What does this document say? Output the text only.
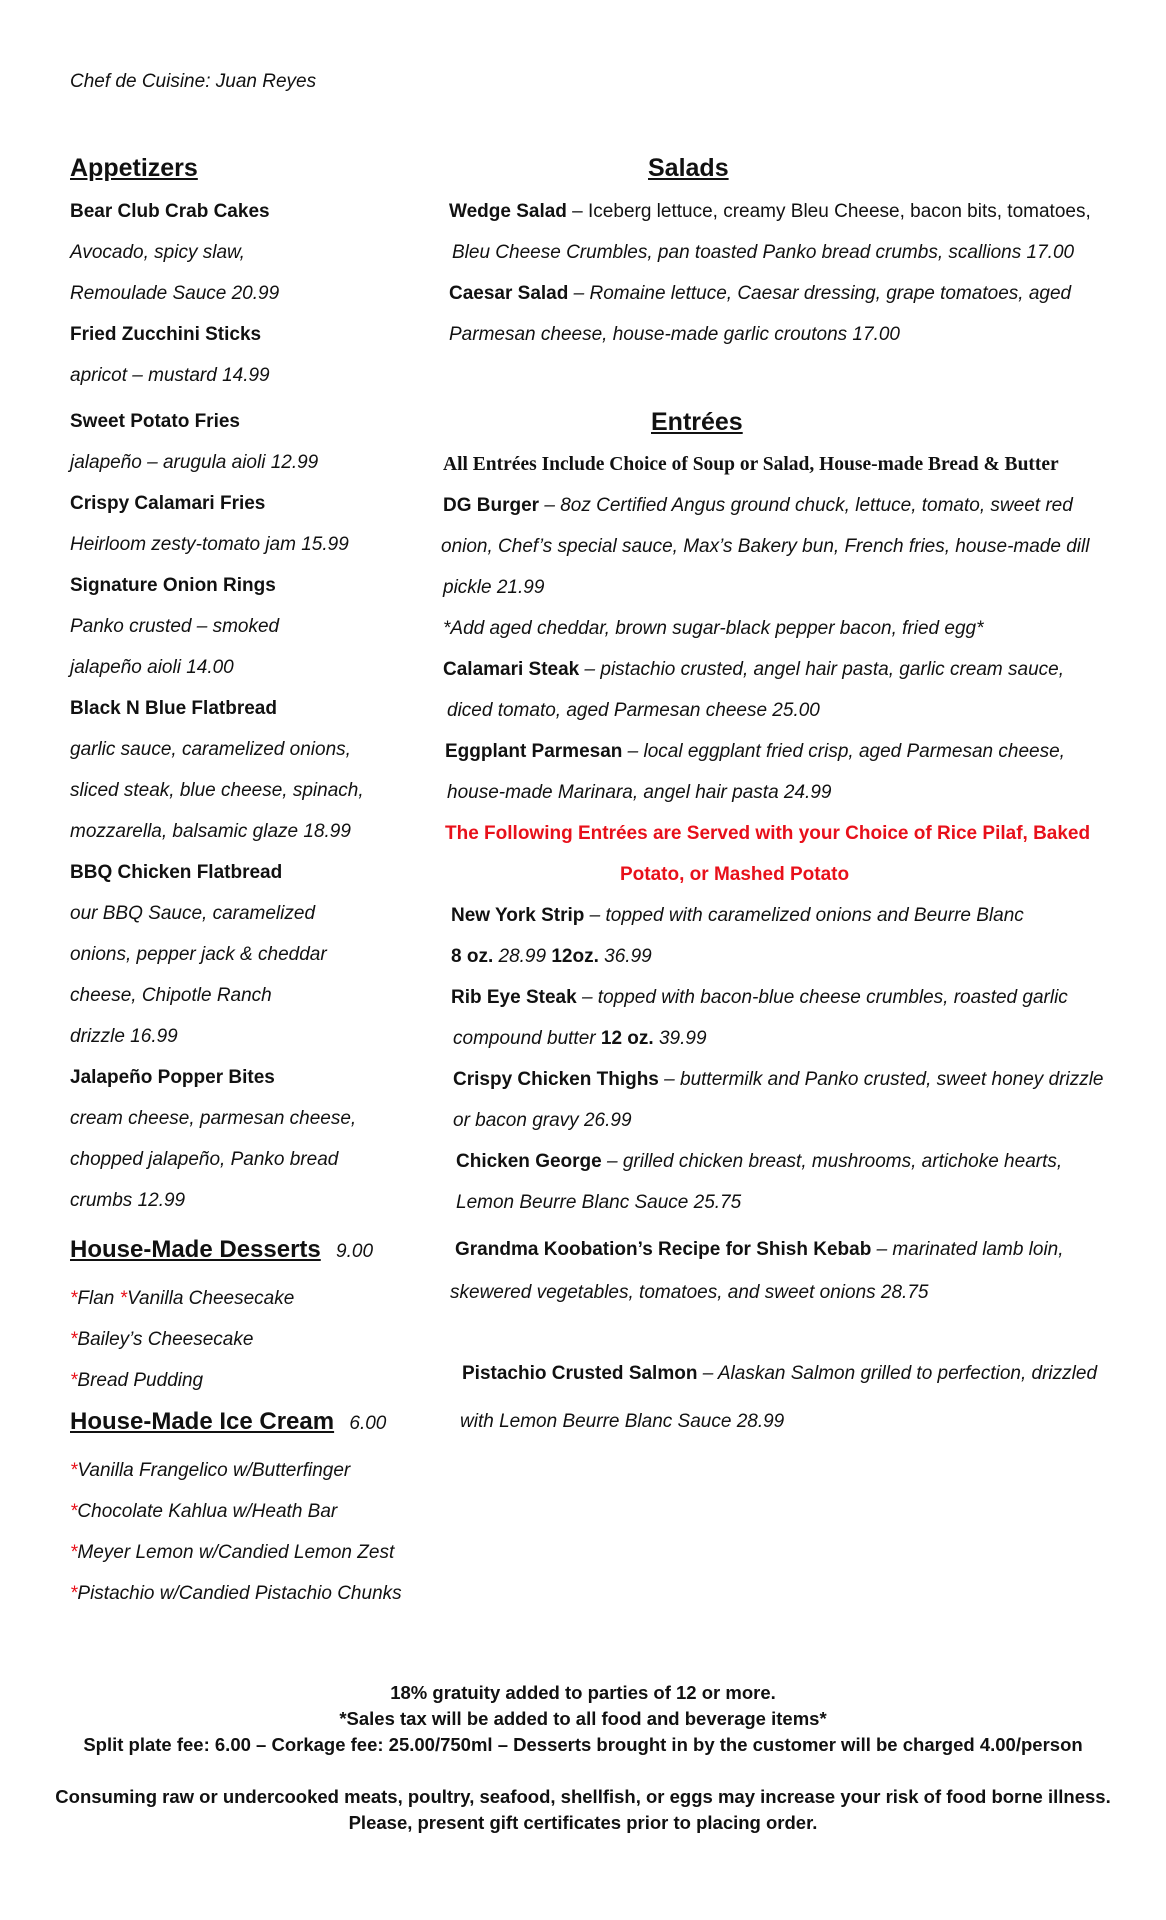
Chef de Cuisine: Juan Reyes
Appetizers
Bear Club Crab Cakes
Avocado, spicy slaw,
Remoulade Sauce 20.99
Fried Zucchini Sticks
apricot – mustard 14.99
Sweet Potato Fries
jalapeño – arugula aioli 12.99
Crispy Calamari Fries
Heirloom zesty-tomato jam 15.99
Signature Onion Rings
Panko crusted – smoked
jalapeño aioli 14.00
Black N Blue Flatbread
garlic sauce, caramelized onions,
sliced steak, blue cheese, spinach,
mozzarella, balsamic glaze 18.99
BBQ Chicken Flatbread
our BBQ Sauce, caramelized
onions, pepper jack & cheddar
cheese, Chipotle Ranch
drizzle 16.99
Jalapeño Popper Bites
cream cheese, parmesan cheese,
chopped jalapeño, Panko bread
crumbs 12.99
House-Made Desserts 9.00
*Flan *Vanilla Cheesecake
*Bailey’s Cheesecake
*Bread Pudding
House-Made Ice Cream 6.00
*Vanilla Frangelico w/Butterfinger
*Chocolate Kahlua w/Heath Bar
*Meyer Lemon w/Candied Lemon Zest
*Pistachio w/Candied Pistachio Chunks
Salads
Wedge Salad – Iceberg lettuce, creamy Bleu Cheese, bacon bits, tomatoes,
Bleu Cheese Crumbles, pan toasted Panko bread crumbs, scallions 17.00
Caesar Salad – Romaine lettuce, Caesar dressing, grape tomatoes, aged
Parmesan cheese, house-made garlic croutons 17.00
Entrées
All Entrées Include Choice of Soup or Salad, House-made Bread & Butter
DG Burger – 8oz Certified Angus ground chuck, lettuce, tomato, sweet red
onion, Chef’s special sauce, Max’s Bakery bun, French fries, house-made dill
pickle 21.99
*Add aged cheddar, brown sugar-black pepper bacon, fried egg*
Calamari Steak – pistachio crusted, angel hair pasta, garlic cream sauce,
diced tomato, aged Parmesan cheese 25.00
Eggplant Parmesan – local eggplant fried crisp, aged Parmesan cheese,
house-made Marinara, angel hair pasta 24.99
The Following Entrées are Served with your Choice of Rice Pilaf, Baked
Potato, or Mashed Potato
New York Strip – topped with caramelized onions and Beurre Blanc
8 oz. 28.99 12oz. 36.99
Rib Eye Steak – topped with bacon-blue cheese crumbles, roasted garlic
compound butter 12 oz. 39.99
Crispy Chicken Thighs – buttermilk and Panko crusted, sweet honey drizzle
or bacon gravy 26.99
Chicken George – grilled chicken breast, mushrooms, artichoke hearts,
Lemon Beurre Blanc Sauce 25.75
Grandma Koobation’s Recipe for Shish Kebab – marinated lamb loin,
skewered vegetables, tomatoes, and sweet onions 28.75
Pistachio Crusted Salmon – Alaskan Salmon grilled to perfection, drizzled
with Lemon Beurre Blanc Sauce 28.99
18% gratuity added to parties of 12 or more.
*Sales tax will be added to all food and beverage items*
Split plate fee: 6.00 – Corkage fee: 25.00/750ml – Desserts brought in by the customer will be charged 4.00/person
Consuming raw or undercooked meats, poultry, seafood, shellfish, or eggs may increase your risk of food borne illness.
Please, present gift certificates prior to placing order.
